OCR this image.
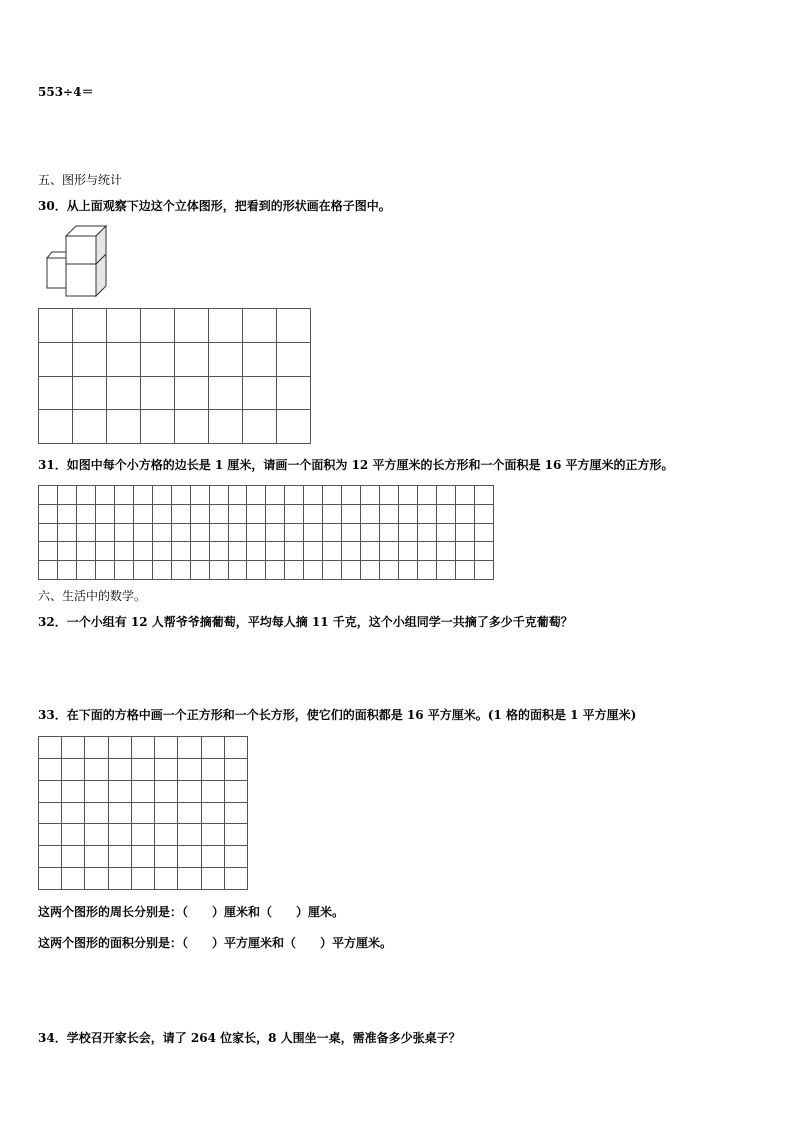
553÷4＝
五、图形与统计
30．从上面观察下边这个立体图形，把看到的形状画在格子图中。

31．如图中每个小方格的边长是 1 厘米，请画一个面积为 12 平方厘米的长方形和一个面积是 16 平方厘米的正方形。

六、生活中的数学。
32．一个小组有 12 人帮爷爷摘葡萄，平均每人摘 11 千克，这个小组同学一共摘了多少千克葡萄？
33．在下面的方格中画一个正方形和一个长方形，使它们的面积都是 16 平方厘米。(1 格的面积是 1 平方厘米)

这两个图形的周长分别是：（　　）厘米和（　　）厘米。
这两个图形的面积分别是：（　　）平方厘米和（　　）平方厘米。
34．学校召开家长会，请了 264 位家长，8 人围坐一桌，需准备多少张桌子？
